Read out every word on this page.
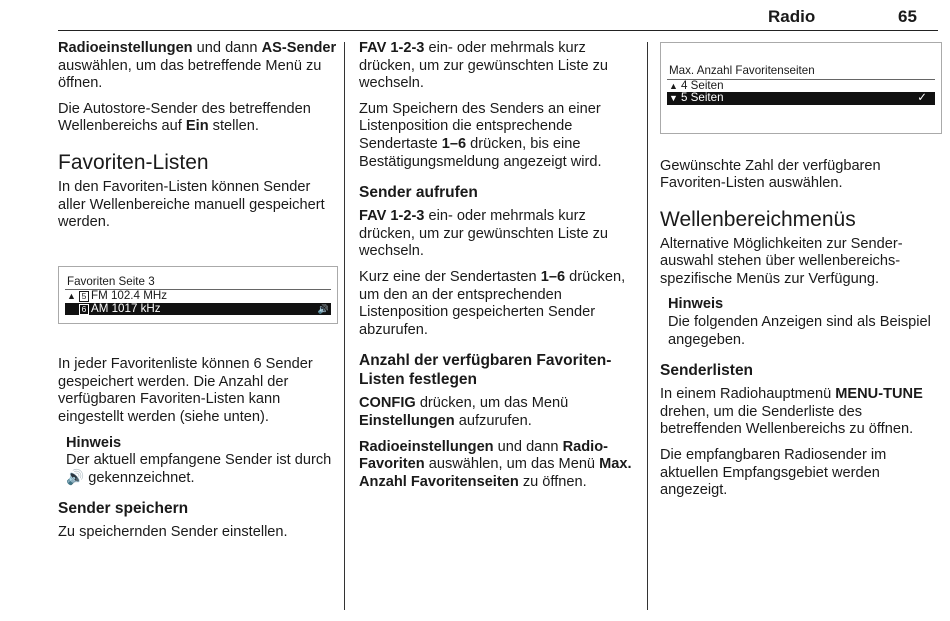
Radio	65

Radioeinstellungen und dann AS-Sender auswählen, um das betreffende Menü zu öffnen.

Die Autostore-Sender des betreffenden Wellenbereichs auf Ein stellen.

Favoriten-Listen

In den Favoriten-Listen können Sender aller Wellenbereiche manuell gespeichert werden.

Favoriten Seite 3
▲ 5 FM 102.4 MHz
6 AM 1017 kHz	🔊

In jeder Favoritenliste können 6 Sender gespeichert werden. Die Anzahl der verfügbaren Favoriten-Listen kann eingestellt werden (siehe unten).

Hinweis
Der aktuell empfangene Sender ist durch 🔊 gekennzeichnet.
Sender speichern

Zu speichernden Sender einstellen.

FAV 1-2-3 ein- oder mehrmals kurz drücken, um zur gewünschten Liste zu wechseln.

Zum Speichern des Senders an einer Listenposition die entsprechende Sendertaste 1–6 drücken, bis eine Bestätigungsmeldung angezeigt wird.

Sender aufrufen

FAV 1-2-3 ein- oder mehrmals kurz drücken, um zur gewünschten Liste zu wechseln.

Kurz eine der Sendertasten 1–6 drücken, um den an der entsprechenden Listenposition gespeicherten Sender abzurufen.

Anzahl der verfügbaren Favoriten-Listen festlegen

CONFIG drücken, um das Menü Einstellungen aufzurufen.

Radioeinstellungen und dann Radio-Favoriten auswählen, um das Menü Max. Anzahl Favoritenseiten zu öffnen.

Max. Anzahl Favoritenseiten
▲ 4 Seiten
▼ 5 Seiten	✓

Gewünschte Zahl der verfügbaren Favoriten-Listen auswählen.

Wellenbereichmenüs

Alternative Möglichkeiten zur Senderauswahl stehen über wellenbereichsspezifische Menüs zur Verfügung.

Hinweis
Die folgenden Anzeigen sind als Beispiel angegeben.
Senderlisten

In einem Radiohauptmenü MENU-TUNE drehen, um die Senderliste des betreffenden Wellenbereichs zu öffnen.

Die empfangbaren Radiosender im aktuellen Empfangsgebiet werden angezeigt.
